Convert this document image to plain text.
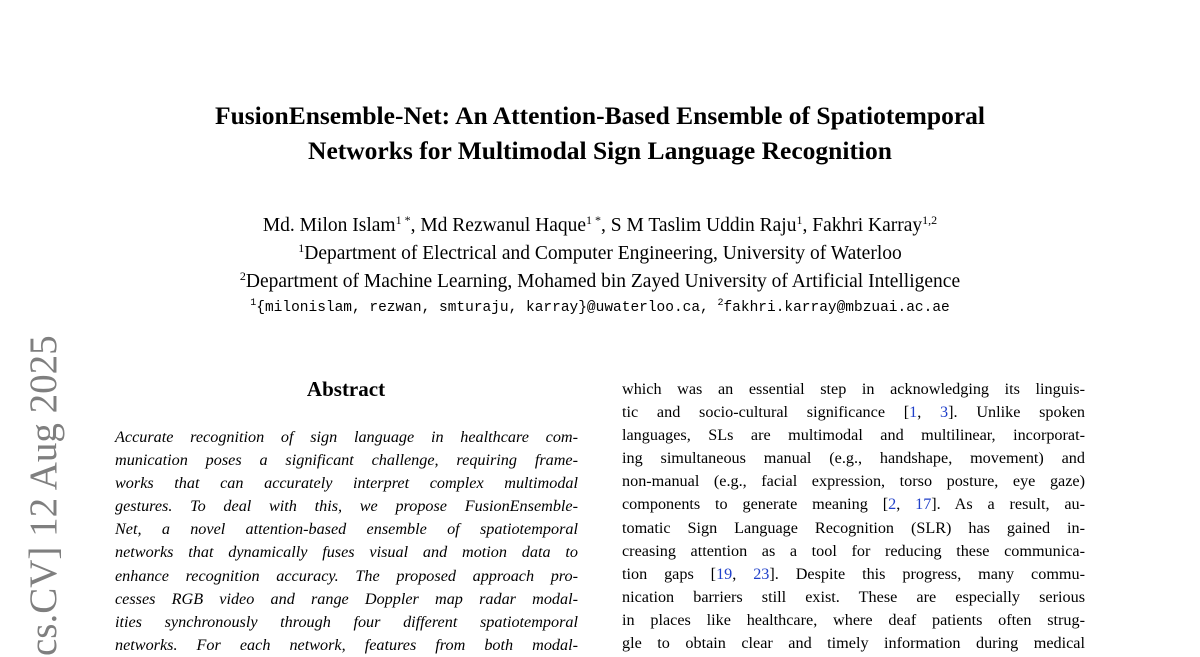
FusionEnsemble-Net: An Attention-Based Ensemble of Spatiotemporal
Networks for Multimodal Sign Language Recognition
Md. Milon Islam$^{1 *}$, Md Rezwanul Haque$^{1 *}$, S M Taslim Uddin Raju$^1$, Fakhri Karray$^{1,2}$
$^1$Department of Electrical and Computer Engineering, University of Waterloo
$^2$Department of Machine Learning, Mohamed bin Zayed University of Artificial Intelligence
$^1${milonislam, rezwan, smturaju, karray}@uwaterloo.ca, $^2$fakhri.karray@mbzuai.ac.ae
cs.CV] 12 Aug 2025	Abstract
Accurate recognition of sign language in healthcare com-
munication poses a significant challenge, requiring frame-
works that can accurately interpret complex multimodal
gestures. To deal with this, we propose FusionEnsemble-
Net, a novel attention-based ensemble of spatiotemporal
networks that dynamically fuses visual and motion data to
enhance recognition accuracy. The proposed approach pro-
cesses RGB video and range Doppler map radar modal-
ities synchronously through four different spatiotemporal
networks. For each network, features from both modal-
which was an essential step in acknowledging its linguis-
tic and socio-cultural significance [1, 3]. Unlike spoken
languages, SLs are multimodal and multilinear, incorporat-
ing simultaneous manual (e.g., handshape, movement) and
non-manual (e.g., facial expression, torso posture, eye gaze)
components to generate meaning [2, 17]. As a result, au-
tomatic Sign Language Recognition (SLR) has gained in-
creasing attention as a tool for reducing these communica-
tion gaps [19, 23]. Despite this progress, many commu-
nication barriers still exist. These are especially serious
in places like healthcare, where deaf patients often strug-
gle to obtain clear and timely information during medical
